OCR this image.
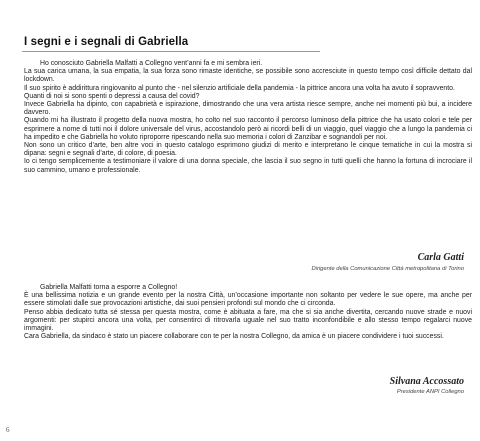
I segni e i segnali di Gabriella

Ho conosciuto Gabriella Malfatti a Collegno vent’anni fa e mi sembra ieri.

La sua carica umana, la sua empatia, la sua forza sono rimaste identiche, se possibile sono accresciute in questo tempo così difficile dettato dal lockdown.

Il suo spirito è addirittura ringiovanito al punto che - nel silenzio artificiale della pandemia - la pittrice ancora una volta ha avuto il sopravvento.

Quanti di noi si sono spenti o depressi a causa del covid?

Invece Gabriella ha dipinto, con capabrietà e ispirazione, dimostrando che una vera artista riesce sempre, anche nei momenti più bui, a incidere davvero.

Quando mi ha illustrato il progetto della nuova mostra, ho colto nel suo racconto il percorso luminoso della pittrice che ha usato colori e tele per esprimere a nome di tutti noi il dolore universale del virus, accostandolo però ai ricordi belli di un viaggio, quel viaggio che a lungo la pandemia ci ha impedito e che Gabriella ho voluto riproporre ripescando nella suo memoria i colori di Zanzibar e sognandoli per noi.

Non sono un critico d’arte, ben altre voci in questo catalogo esprimono giudizi di merito e interpretano le cinque tematiche in cui la mostra si dipana: segni e segnali d’arte, di colore, di poesia.

Io ci tengo semplicemente a testimoniare il valore di una donna speciale, che lascia il suo segno in tutti quelli che hanno la fortuna di incrociare il suo cammino, umano e professionale.

Carla Gatti
Dirigente della Comunicazione Città metropolitana di Torino

Gabriella Malfatti torna a esporre a Collegno!

È una bellissima notizia e un grande evento per la nostra Città, un’occasione importante non soltanto per vedere le sue opere, ma anche per essere stimolati dalle sue provocazioni artistiche, dai suoi pensieri profondi sul mondo che ci circonda.

Penso abbia dedicato tutta sé stessa per questa mostra, come è abituata a fare, ma che si sia anche divertita, cercando nuove strade e nuovi argomenti: per stupirci ancora una volta, per consentirci di ritrovarla uguale nel suo tratto inconfondibile e allo stesso tempo regalarci nuove immagini.

Cara Gabriella, da sindaco è stato un piacere collaborare con te per la nostra Collegno, da amica è un piacere condividere i tuoi successi.

Silvana Accossato
Presidente ANPI Collegno
6
